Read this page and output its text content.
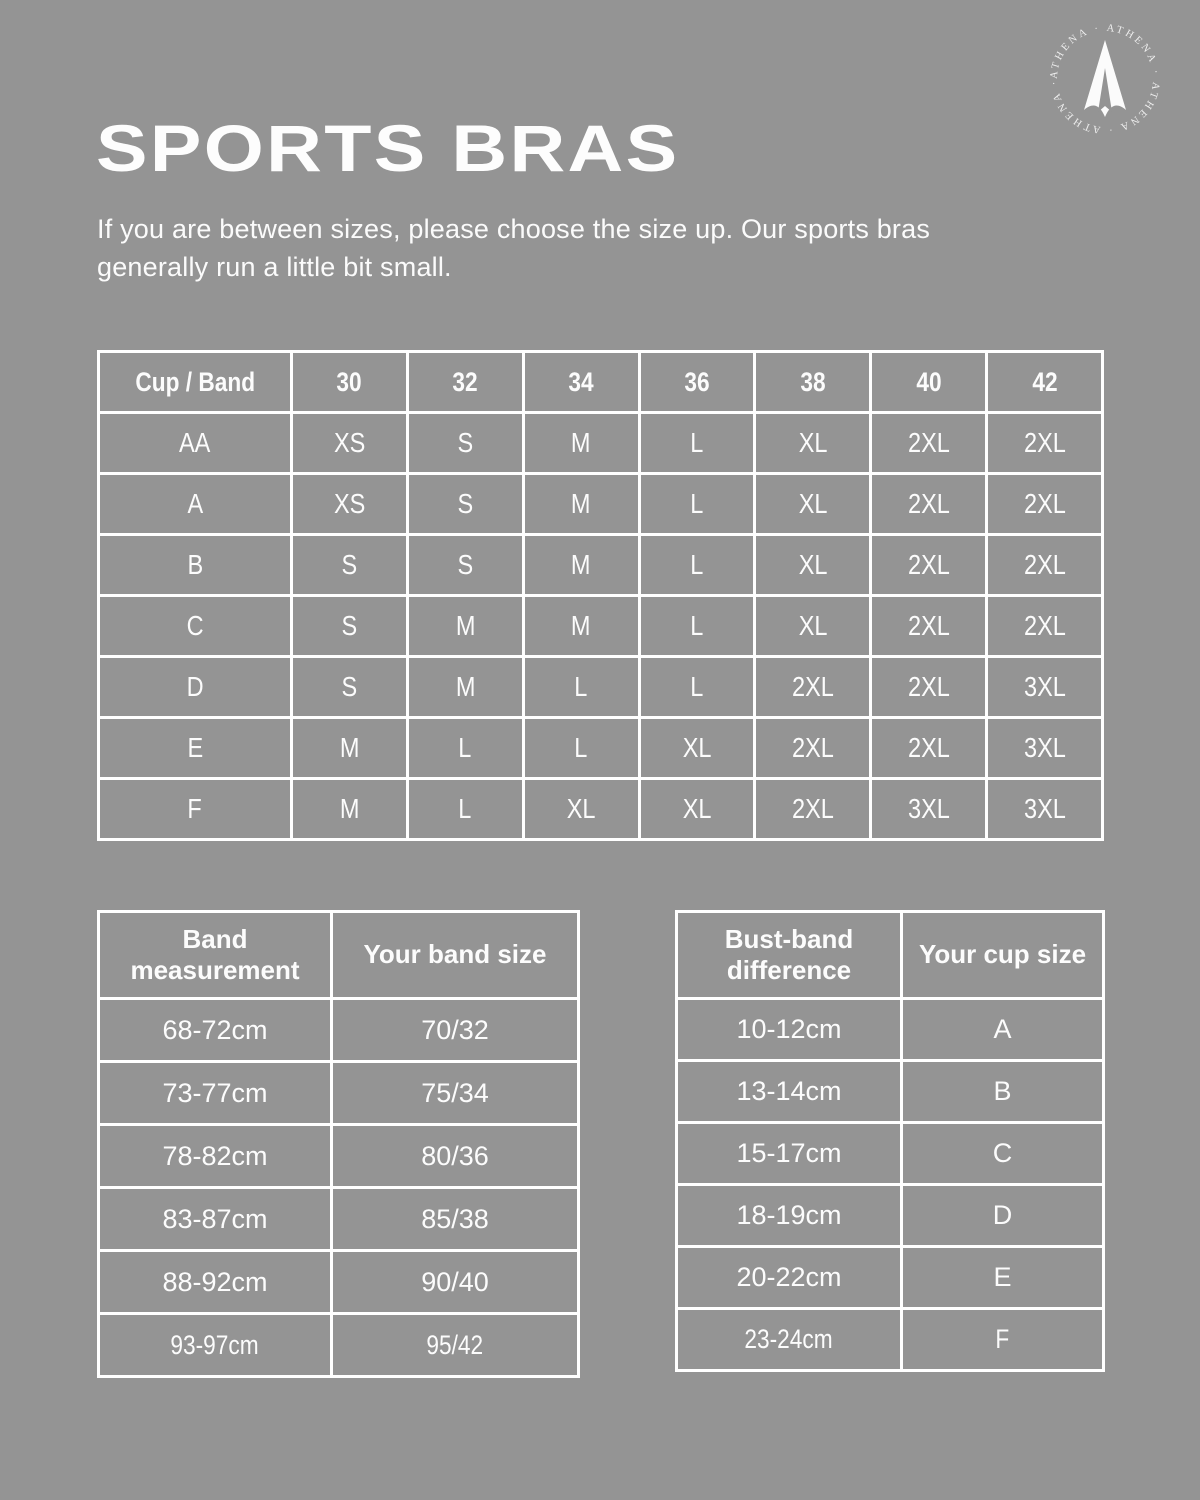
ATHENA · ATHENA · ATHENA · ATHENA ·
SPORTS BRAS

If you are between sizes, please choose the size up. Our sports bras
generally run a little bit small.

Cup / Band	30	32	34	36	38	40	42
AA	XS	S	M	L	XL	2XL	2XL
A	XS	S	M	L	XL	2XL	2XL
B	S	S	M	L	XL	2XL	2XL
C	S	M	M	L	XL	2XL	2XL
D	S	M	L	L	2XL	2XL	3XL
E	M	L	L	XL	2XL	2XL	3XL
F	M	L	XL	XL	2XL	3XL	3XL
Band measurement
Your band size
68-72cm	70/32
73-77cm	75/34
78-82cm	80/36
83-87cm	85/38
88-92cm	90/40
93-97cm	95/42
Bust-band difference
Your cup size
10-12cm	A
13-14cm	B
15-17cm	C
18-19cm	D
20-22cm	E
23-24cm	F
